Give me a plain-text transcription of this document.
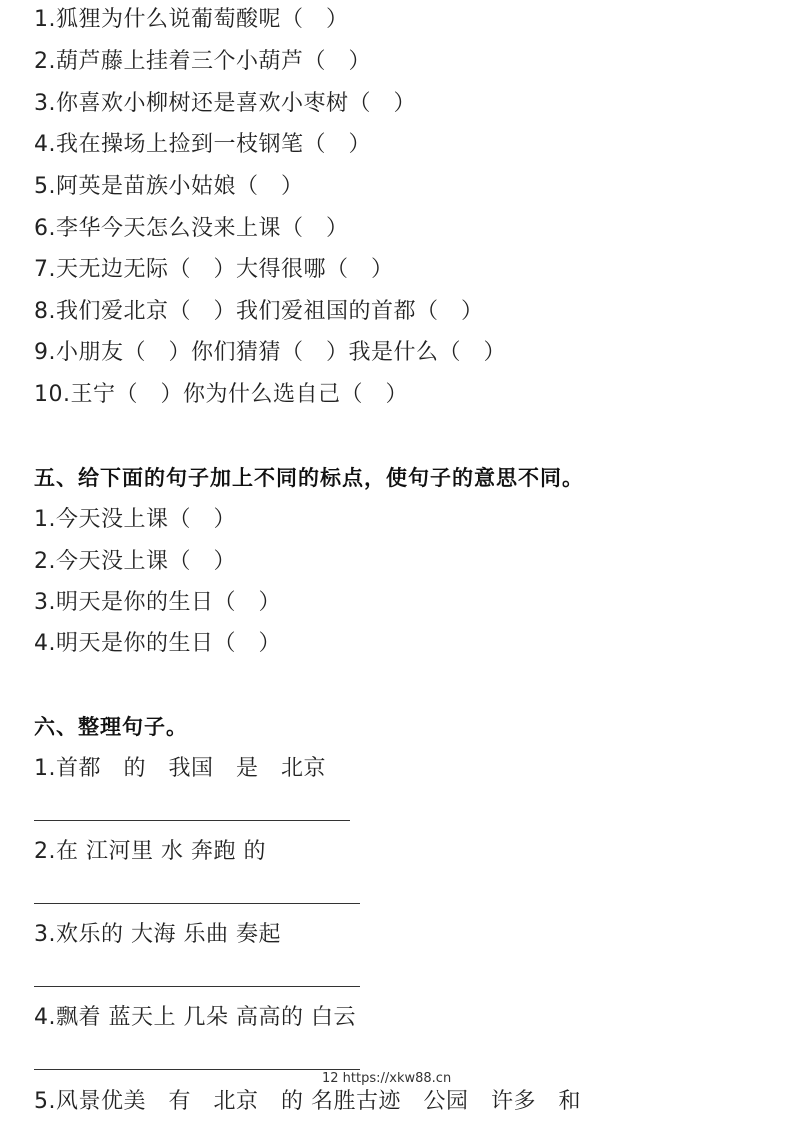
1.狐狸为什么说葡萄酸呢（　）
2.葫芦藤上挂着三个小葫芦（　）
3.你喜欢小柳树还是喜欢小枣树（　）
4.我在操场上捡到一枝钢笔（　）
5.阿英是苗族小姑娘（　）
6.李华今天怎么没来上课（　）
7.天无边无际（　）大得很哪（　）
8.我们爱北京（　）我们爱祖国的首都（　）
9.小朋友（　）你们猜猜（　）我是什么（　）
10.王宁（　）你为什么选自己（　）
五、给下面的句子加上不同的标点，使句子的意思不同。
1.今天没上课（　）
2.今天没上课（　）
3.明天是你的生日（　）
4.明天是你的生日（　）
六、整理句子。
1.首都　的　我国　是　北京
2.在 江河里 水 奔跑 的
3.欢乐的 大海 乐曲 奏起
4.飘着 蓝天上 几朵 高高的 白云
5.风景优美　有　北京　的 名胜古迹　公园　许多　和
12 https://xkw88.cn
